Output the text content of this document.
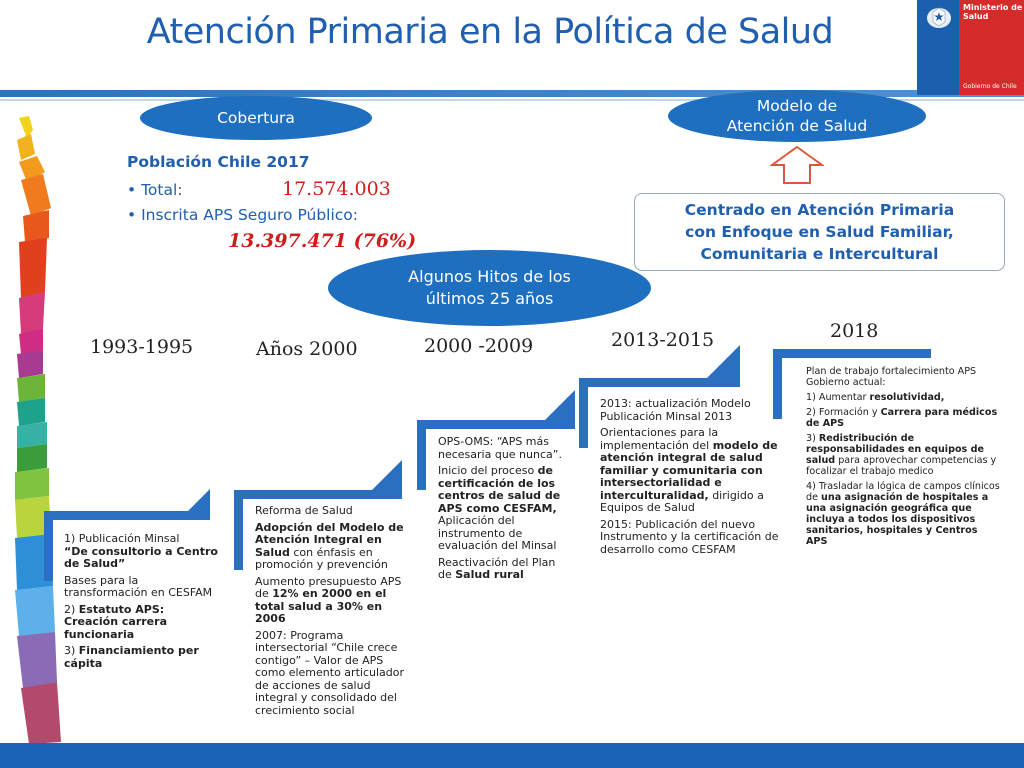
Atención Primaria en la Política de Salud
Ministerio de
Salud
Gobierno de Chile
Cobertura
Modelo de
Atención de Salud
Algunos Hitos de los
últimos 25 años
Población Chile 2017
• Total:	17.574.003
• Inscrita APS Seguro Público:
13.397.471 (76%)
Centrado en Atención Primaria
con Enfoque en Salud Familiar,
Comunitaria e Intercultural
1993-1995	Años 2000	2000 -2009	2013-2015	2018

1) Publicación Minsal
“De consultorio a Centro de Salud”

Bases para la transformación en CESFAM

2) Estatuto APS: Creación carrera funcionaria

3) Financiamiento per cápita

Reforma de Salud

Adopción del Modelo de Atención Integral en Salud con énfasis en promoción y prevención

Aumento presupuesto APS de 12% en 2000 en el total salud a 30% en 2006

2007: Programa intersectorial “Chile crece contigo” – Valor de APS como elemento articulador de acciones de salud integral y consolidado del crecimiento social

OPS-OMS: “APS más necesaria que nunca”.

Inicio del proceso de certificación de los centros de salud de APS como CESFAM, Aplicación del instrumento de evaluación del Minsal

Reactivación del Plan de Salud rural

2013: actualización Modelo Publicación Minsal 2013

Orientaciones para la implementación del modelo de atención integral de salud familiar y comunitaria con intersectorialidad e interculturalidad, dirigido a Equipos de Salud

2015: Publicación del nuevo Instrumento y la certificación de desarrollo como CESFAM

Plan de trabajo fortalecimiento APS Gobierno actual:

1) Aumentar resolutividad,

2) Formación y Carrera para médicos de APS

3) Redistribución de responsabilidades en equipos de salud para aprovechar competencias y focalizar el trabajo medico

4) Trasladar la lógica de campos clínicos de una asignación de hospitales a una asignación geográfica que incluya a todos los dispositivos sanitarios, hospitales y Centros APS
